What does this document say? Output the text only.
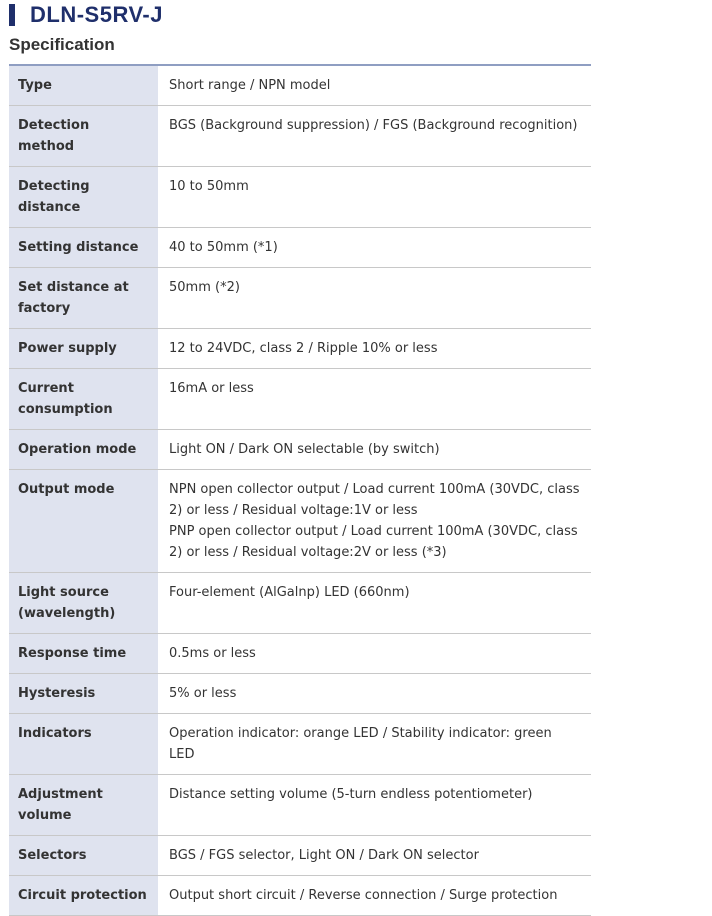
DLN-S5RV-J
Specification
Type	Short range / NPN model
Detection method	BGS (Background suppression) / FGS (Background recognition)
Detecting distance	10 to 50mm
Setting distance	40 to 50mm (*1)
Set distance at factory	50mm (*2)
Power supply	12 to 24VDC, class 2 / Ripple 10% or less
Current consumption	16mA or less
Operation mode	Light ON / Dark ON selectable (by switch)
Output mode	NPN open collector output / Load current 100mA (30VDC, class 2) or less / Residual voltage:1V or less
PNP open collector output / Load current 100mA (30VDC, class 2) or less / Residual voltage:2V or less (*3)

Light source (wavelength)	Four-element (AlGalnp) LED (660nm)
Response time	0.5ms or less
Hysteresis	5% or less
Indicators	Operation indicator: orange LED / Stability indicator: green LED
Adjustment volume	Distance setting volume (5-turn endless potentiometer)
Selectors	BGS / FGS selector, Light ON / Dark ON selector
Circuit protection	Output short circuit / Reverse connection / Surge protection
